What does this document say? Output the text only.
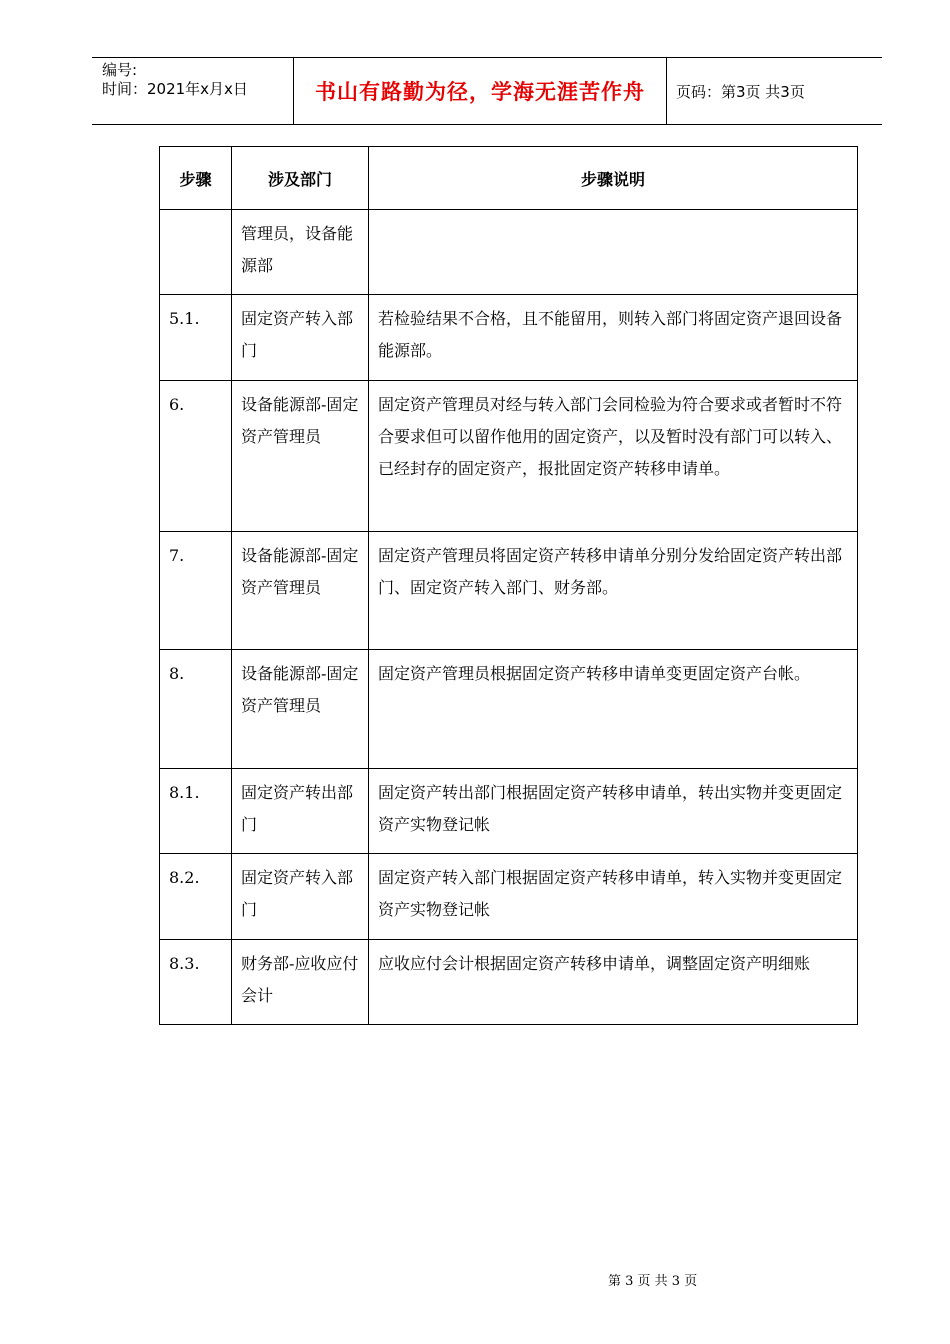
编号:
时间：2021年x月x日	书山有路勤为径，学海无涯苦作舟	页码：第3页 共3页
步骤	涉及部门	步骤说明
	管理员，设备能源部	
5.1.	固定资产转入部门	若检验结果不合格，且不能留用，则转入部门将固定资产退回设备能源部。
6.	设备能源部-固定资产管理员	固定资产管理员对经与转入部门会同检验为符合要求或者暂时不符合要求但可以留作他用的固定资产，以及暂时没有部门可以转入、已经封存的固定资产，报批固定资产转移申请单。
7.	设备能源部-固定资产管理员	固定资产管理员将固定资产转移申请单分别分发给固定资产转出部门、固定资产转入部门、财务部。
8.	设备能源部-固定资产管理员	固定资产管理员根据固定资产转移申请单变更固定资产台帐。
8.1.	固定资产转出部门	固定资产转出部门根据固定资产转移申请单，转出实物并变更固定资产实物登记帐
8.2.	固定资产转入部门	固定资产转入部门根据固定资产转移申请单，转入实物并变更固定资产实物登记帐
8.3.	财务部-应收应付会计	应收应付会计根据固定资产转移申请单，调整固定资产明细账
第 3 页 共 3 页
